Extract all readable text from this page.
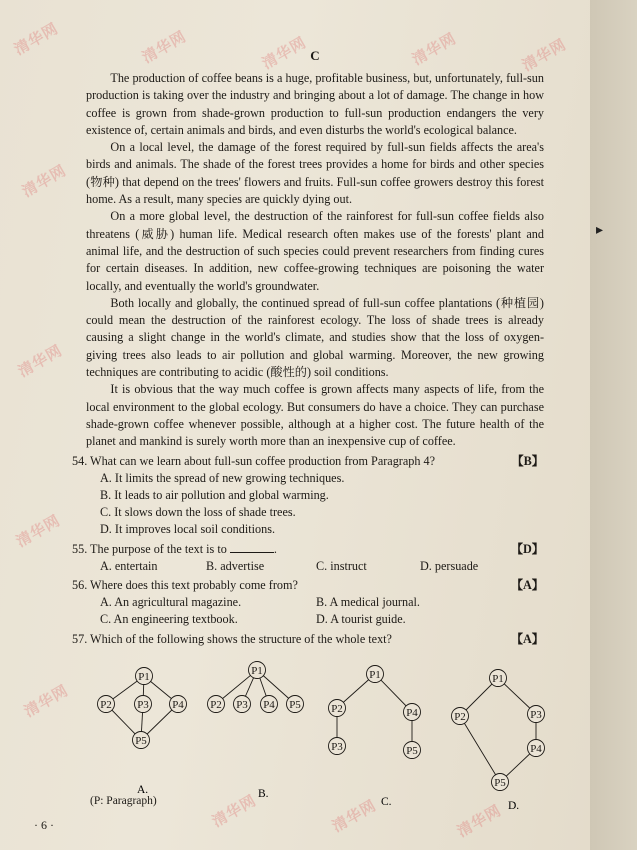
清华网
清华网
清华网
清华网
清华网
清华网	清华网	清华网	清华网
清华网	清华网	清华网
C

The production of coffee beans is a huge, profitable business, but, unfortunately, full-sun production is taking over the industry and bringing about a lot of damage. The change in how coffee is grown from shade-grown production to full-sun production endangers the very existence of, certain animals and birds, and even disturbs the world's ecological balance.

On a local level, the damage of the forest required by full-sun fields affects the area's birds and animals. The shade of the forest trees provides a home for birds and other species (物种) that depend on the trees' flowers and fruits. Full-sun coffee growers destroy this forest home. As a result, many species are quickly dying out.

On a more global level, the destruction of the rainforest for full-sun coffee fields also threatens (威胁) human life. Medical research often makes use of the forests' plant and animal life, and the destruction of such species could prevent researchers from finding cures for certain diseases. In addition, new coffee-growing techniques are poisoning the water locally, and eventually the world's groundwater.

Both locally and globally, the continued spread of full-sun coffee plantations (种植园) could mean the destruction of the rainforest ecology. The loss of shade trees is already causing a slight change in the world's climate, and studies show that the loss of oxygen-giving trees also leads to air pollution and global warming. Moreover, the new growing techniques are contributing to acidic (酸性的) soil conditions.

It is obvious that the way much coffee is grown affects many aspects of life, from the local environment to the global ecology. But consumers do have a choice. They can purchase shade-grown coffee whenever possible, although at a higher cost. The future health of the planet and mankind is surely worth more than an inexpensive cup of coffee.

54. What can we learn about full-sun coffee production from Paragraph 4?	【B】
A. It limits the spread of new growing techniques.
B. It leads to air pollution and global warming.
C. It slows down the loss of shade trees.
D. It improves local soil conditions.
55. The purpose of the text is to	.	【D】
A. entertain	B. advertise	C. instruct	D. persuade
56. Where does this text probably come from?	【A】
A. An agricultural magazine.	B. A medical journal.
C. An engineering textbook.	D. A tourist guide.
57. Which of the following shows the structure of the whole text?	【A】
P1
P2 P3 P4
P5
P1
P2 P3 P4 P5
P1
P2
P3
P4
P5
P1
P2	P3
P4
P5
A.	B.
C.	D.
(P: Paragraph)
· 6 ·
▸
